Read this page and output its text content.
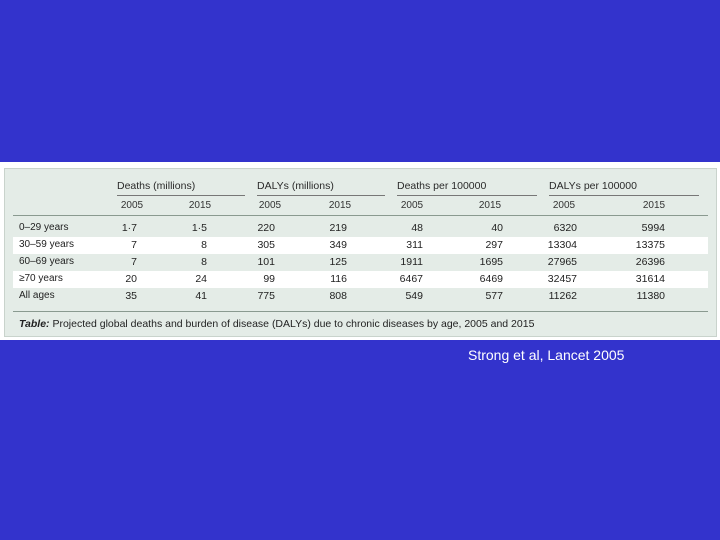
Deaths (millions)	DALYs (millions)	Deaths per 100000	DALYs per 100000
2005	2015	2005	2015	2005	2015	2005	2015
0–29 years	1·7	1·5	220	219	48	40	6320	5994
30–59 years	7	8	305	349	311	297	13304	13375
60–69 years	7	8	101	125	1911	1695	27965	26396
≥70 years	20	24	99	116	6467	6469	32457	31614
All ages	35	41	775	808	549	577	11262	11380
Table: Projected global deaths and burden of disease (DALYs) due to chronic diseases by age, 2005 and 2015
Strong et al, Lancet 2005
